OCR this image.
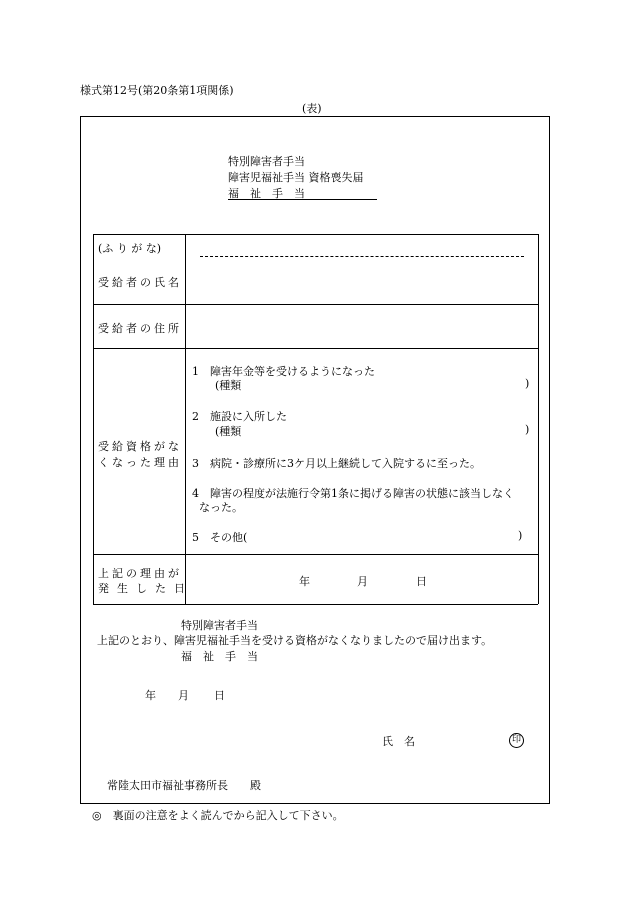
様式第12号(第20条第1項関係)
(表)
特別障害者手当
障害児福祉手当 資格喪失届
福　祉　手　当
(ふ り が な)
受給者の氏名
受給者の住所
受給資格がな
くなった理由
1　障害年金等を受けるようになった
(種類	)
2　施設に入所した
(種類	)
3　病院・診療所に3ケ月以上継続して入院するに至った。
4　障害の程度が法施行令第1条に掲げる障害の状態に該当しなく
なった。
5　その他(	)
上記の理由が
発生した日
年	月	日
特別障害者手当
上記のとおり、障害児福祉手当を受ける資格がなくなりましたので届け出ます。
福　祉　手　当
年 月 日
氏　名	印
常陸太田市福祉事務所長　　殿
◎　裏面の注意をよく読んでから記入して下さい。
